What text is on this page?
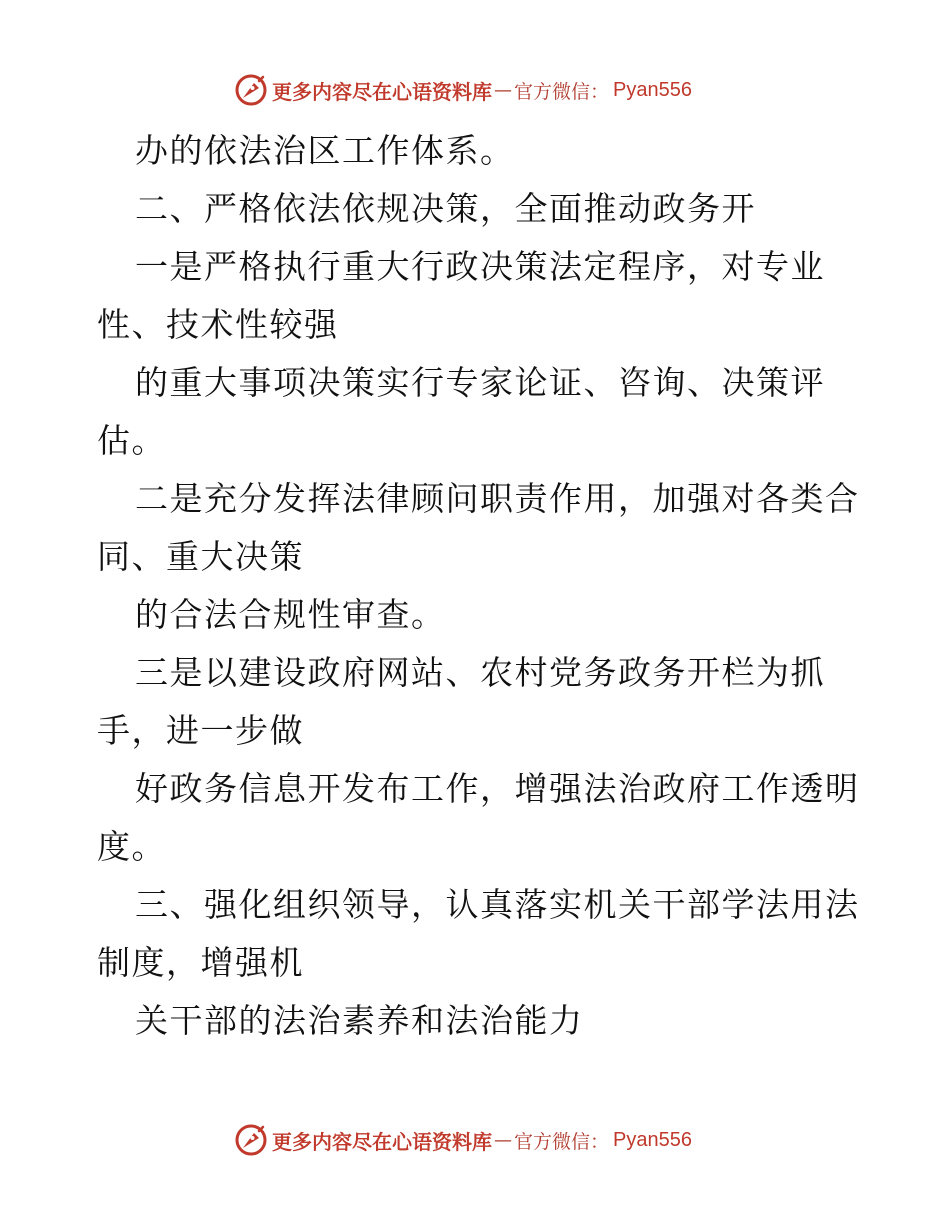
更多内容尽在心语资料库 — 官方微信： Pyan556
办的依法治区工作体系。
二、严格依法依规决策，全面推动政务开
一是严格执行重大行政决策法定程序，对专业
性、技术性较强
的重大事项决策实行专家论证、咨询、决策评
估。
二是充分发挥法律顾问职责作用，加强对各类合
同、重大决策
的合法合规性审查。
三是以建设政府网站、农村党务政务开栏为抓
手，进一步做
好政务信息开发布工作，增强法治政府工作透明
度。
三、强化组织领导，认真落实机关干部学法用法
制度，增强机
关干部的法治素养和法治能力
更多内容尽在心语资料库 — 官方微信： Pyan556
